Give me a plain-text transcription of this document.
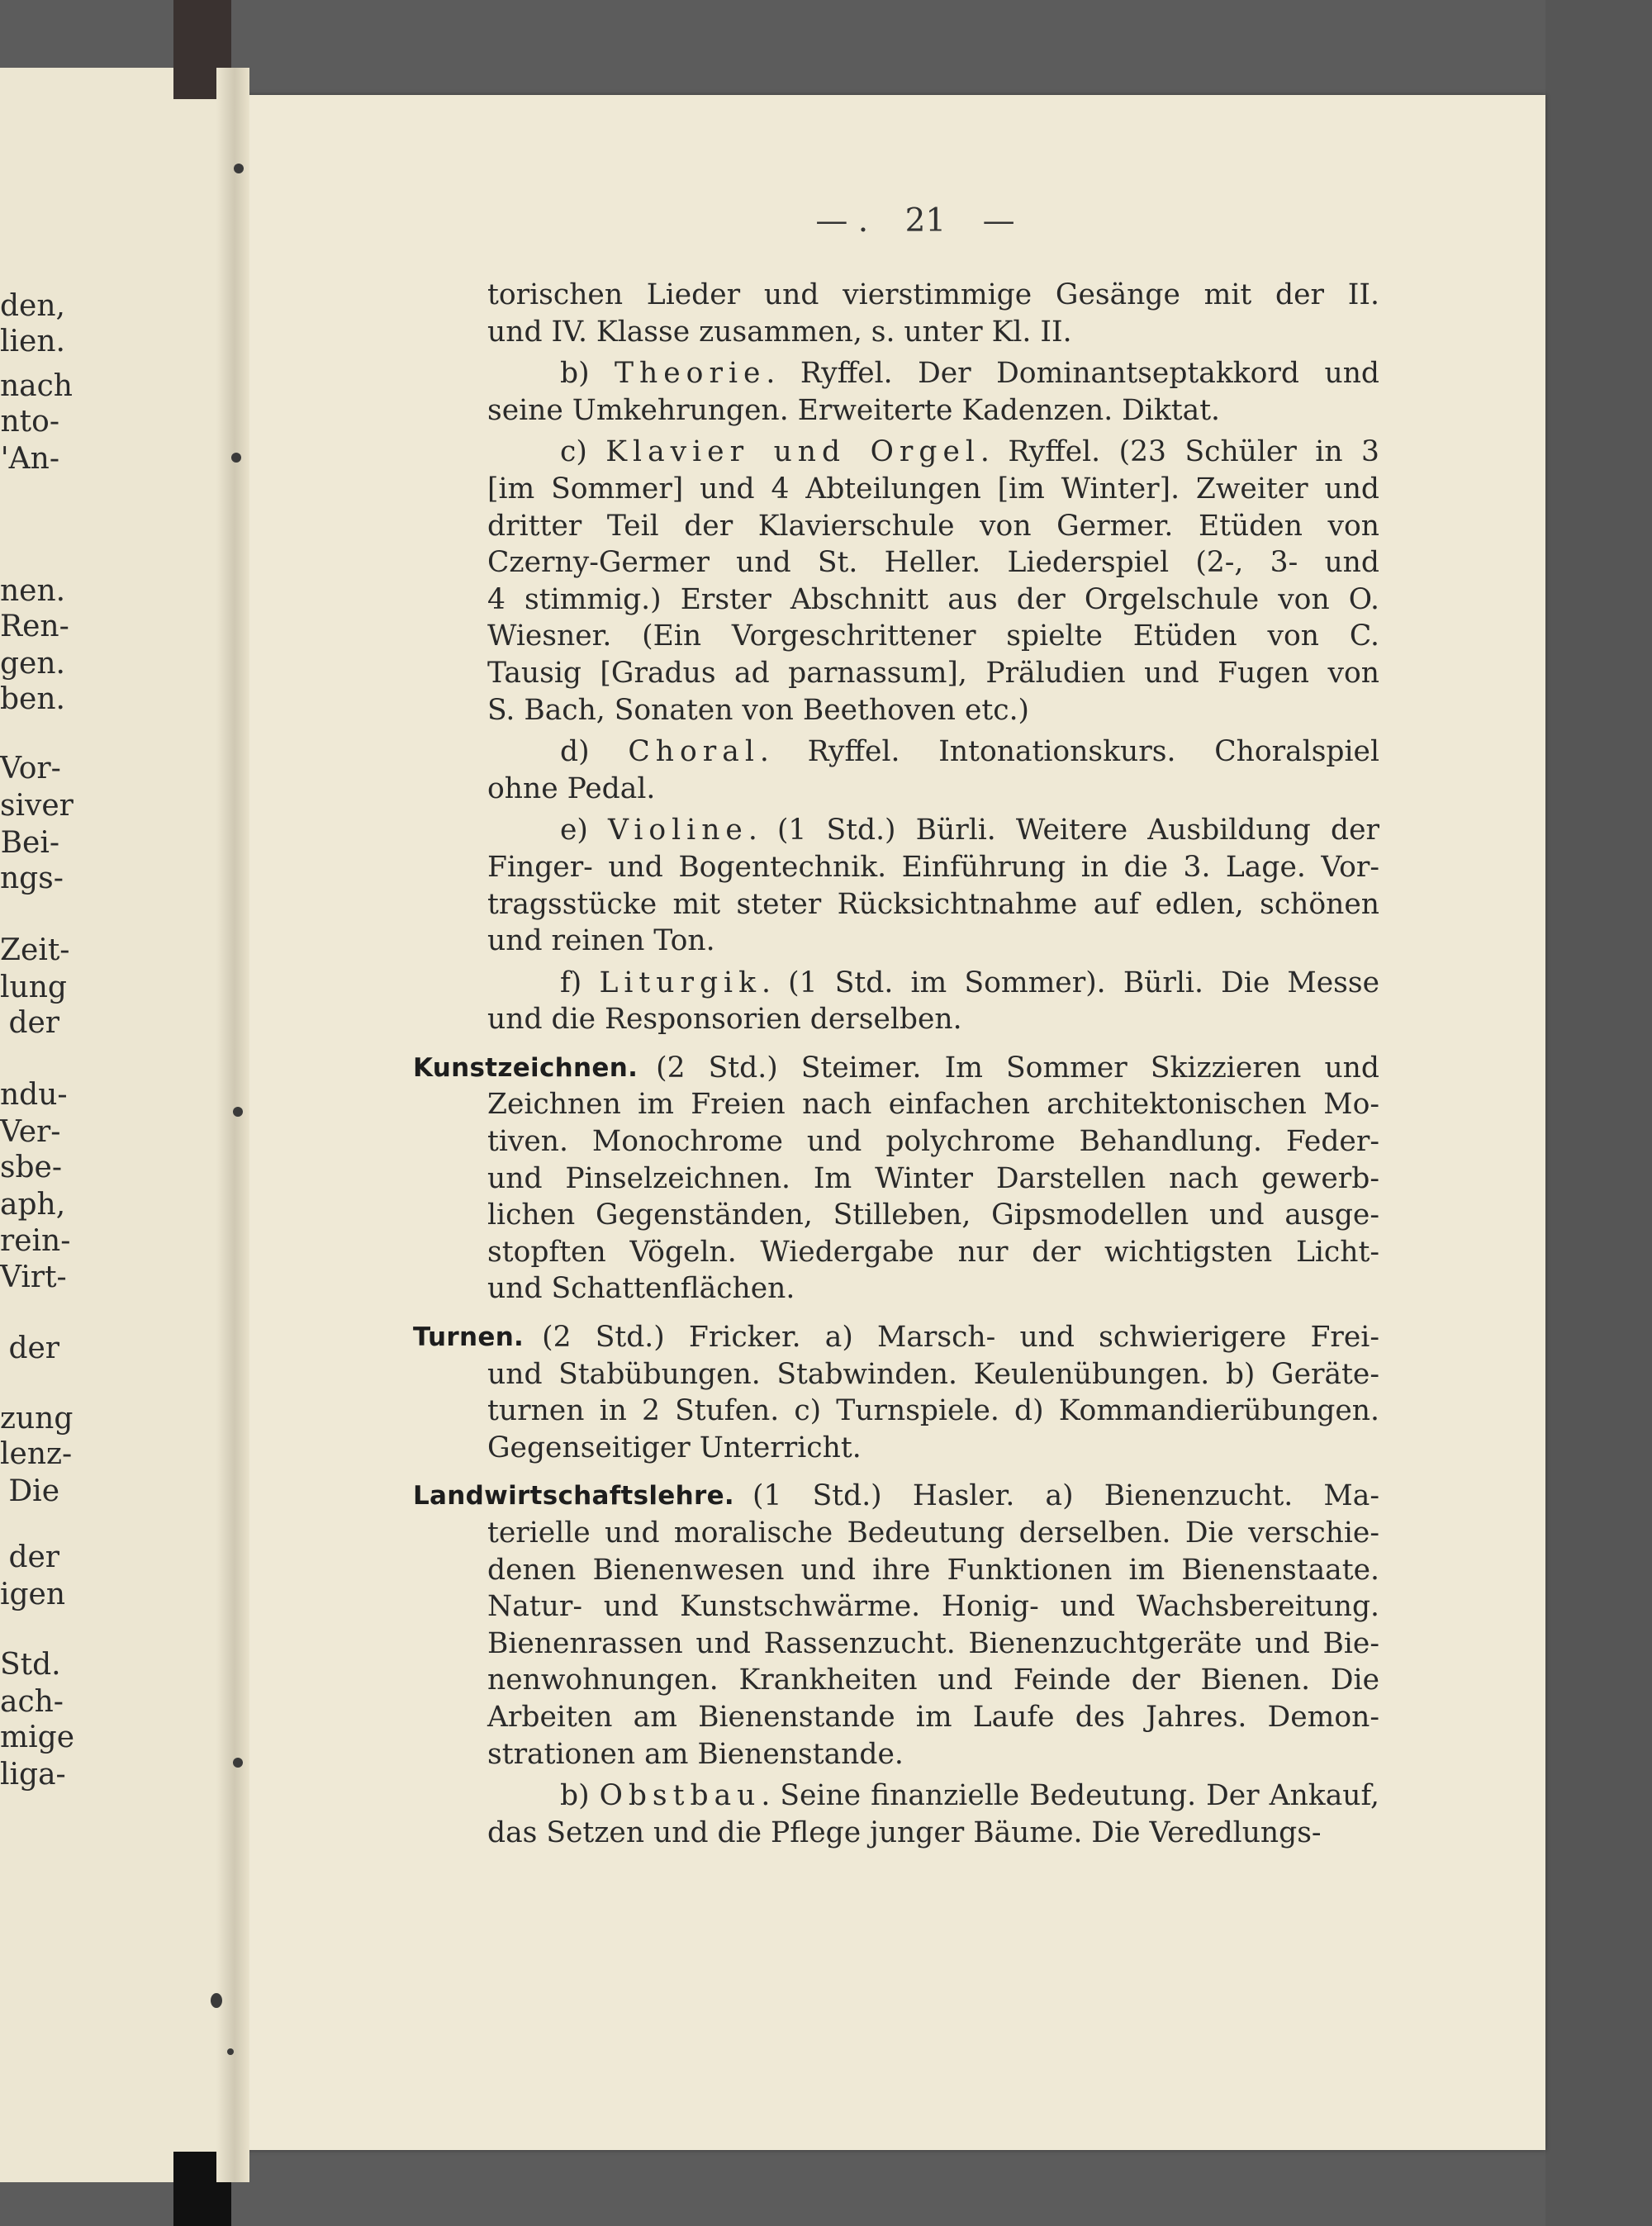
den,
lien.
nach
nto-
'An-
nen.
Ren-
gen.
ben.
Vor-
siver
Bei-
ngs-
Zeit-
lung
der
ndu-
Ver-
sbe-
aph,
rein-
Virt-
der
zung
lenz-
Die
der
igen
Std.
ach-
mige
liga-
— . 21 —

torischen Lieder und vierstimmige Gesänge mit der II.
und IV. Klasse zusammen, s. unter Kl. II.

b) Theorie. Ryffel. Der Dominantseptakkord und
seine Umkehrungen. Erweiterte Kadenzen. Diktat.

c) Klavier und Orgel. Ryffel. (23 Schüler in 3
[im Sommer] und 4 Abteilungen [im Winter]. Zweiter und
dritter Teil der Klavierschule von Germer. Etüden von
Czerny-Germer und St. Heller. Liederspiel (2-, 3- und
4 stimmig.) Erster Abschnitt aus der Orgelschule von O.
Wiesner. (Ein Vorgeschrittener spielte Etüden von C.
Tausig [Gradus ad parnassum], Präludien und Fugen von
S. Bach, Sonaten von Beethoven etc.)

d) Choral. Ryffel. Intonationskurs. Choralspiel
ohne Pedal.

e) Violine. (1 Std.) Bürli. Weitere Ausbildung der
Finger- und Bogentechnik. Einführung in die 3. Lage. Vor-
tragsstücke mit steter Rücksichtnahme auf edlen, schönen
und reinen Ton.

f) Liturgik. (1 Std. im Sommer). Bürli. Die Messe
und die Responsorien derselben.

Kunstzeichnen. (2 Std.) Steimer. Im Sommer Skizzieren und
Zeichnen im Freien nach einfachen architektonischen Mo-
tiven. Monochrome und polychrome Behandlung. Feder-
und Pinselzeichnen. Im Winter Darstellen nach gewerb-
lichen Gegenständen, Stilleben, Gipsmodellen und ausge-
stopften Vögeln. Wiedergabe nur der wichtigsten Licht-
und Schattenflächen.

Turnen. (2 Std.) Fricker. a) Marsch- und schwierigere Frei-
und Stabübungen. Stabwinden. Keulenübungen. b) Geräte-
turnen in 2 Stufen. c) Turnspiele. d) Kommandierübungen.
Gegenseitiger Unterricht.

Landwirtschaftslehre. (1 Std.) Hasler. a) Bienenzucht. Ma-
terielle und moralische Bedeutung derselben. Die verschie-
denen Bienenwesen und ihre Funktionen im Bienenstaate.
Natur- und Kunstschwärme. Honig- und Wachsbereitung.
Bienenrassen und Rassenzucht. Bienenzuchtgeräte und Bie-
nenwohnungen. Krankheiten und Feinde der Bienen. Die
Arbeiten am Bienenstande im Laufe des Jahres. Demon-
strationen am Bienenstande.

b) Obstbau. Seine finanzielle Bedeutung. Der Ankauf,
das Setzen und die Pflege junger Bäume. Die Veredlungs-
